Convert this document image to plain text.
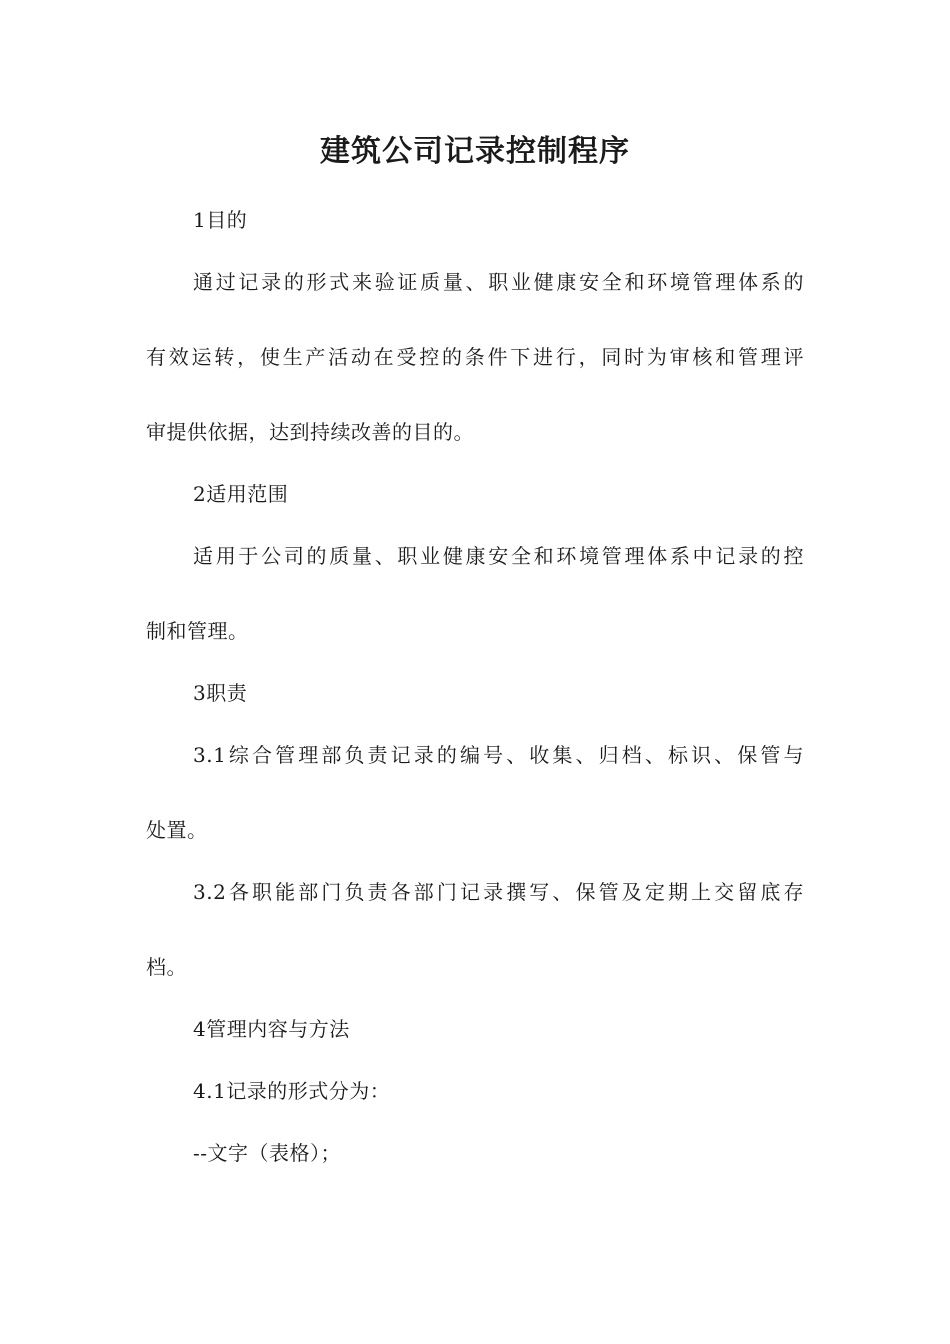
建筑公司记录控制程序
1目的
通过记录的形式来验证质量、职业健康安全和环境管理体系的
有效运转，使生产活动在受控的条件下进行，同时为审核和管理评
审提供依据，达到持续改善的目的。
2适用范围
适用于公司的质量、职业健康安全和环境管理体系中记录的控
制和管理。
3职责
3.1综合管理部负责记录的编号、收集、归档、标识、保管与
处置。
3.2各职能部门负责各部门记录撰写、保管及定期上交留底存
档。
4管理内容与方法
4.1记录的形式分为：
--文字（表格）；
